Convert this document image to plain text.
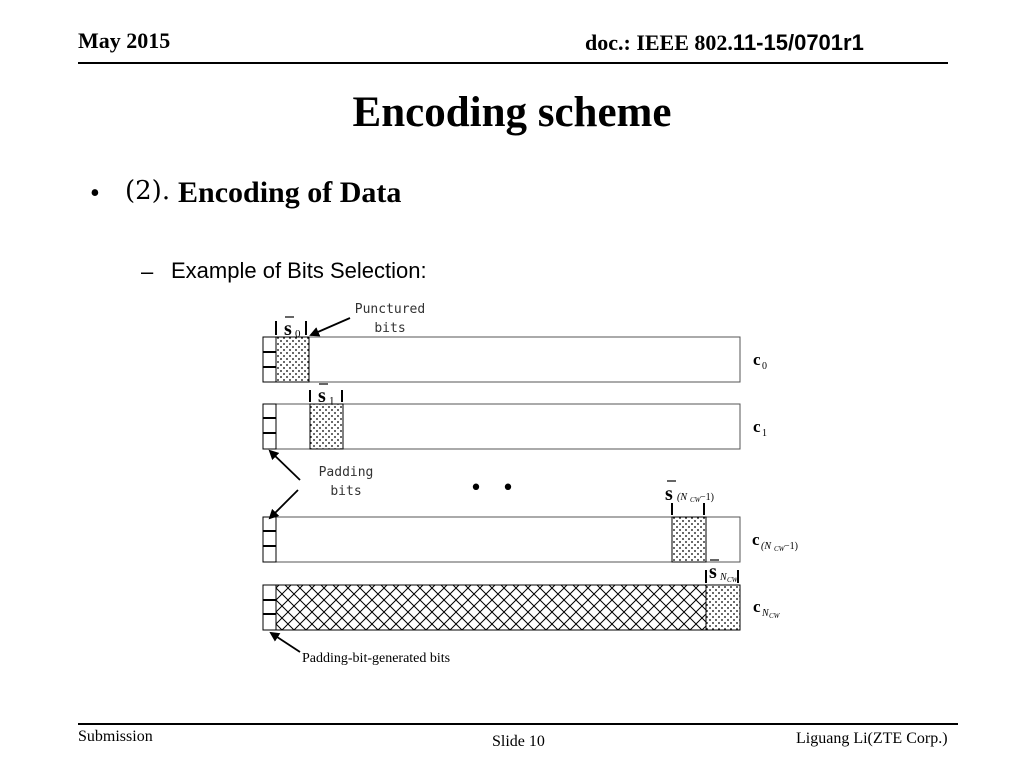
May 2015	doc.: IEEE 802.11-15/0701r1
Encoding scheme
• (2). Encoding of Data
– Example of Bits Selection:
s 0
s 1
s (N CW −1)
s N CW
c 0
c 1
c (N CW −1)
c N CW
Punctured
bits
Padding
bits	• •
Padding-bit-generated bits
Submission	Slide 10	Liguang Li(ZTE Corp.)
